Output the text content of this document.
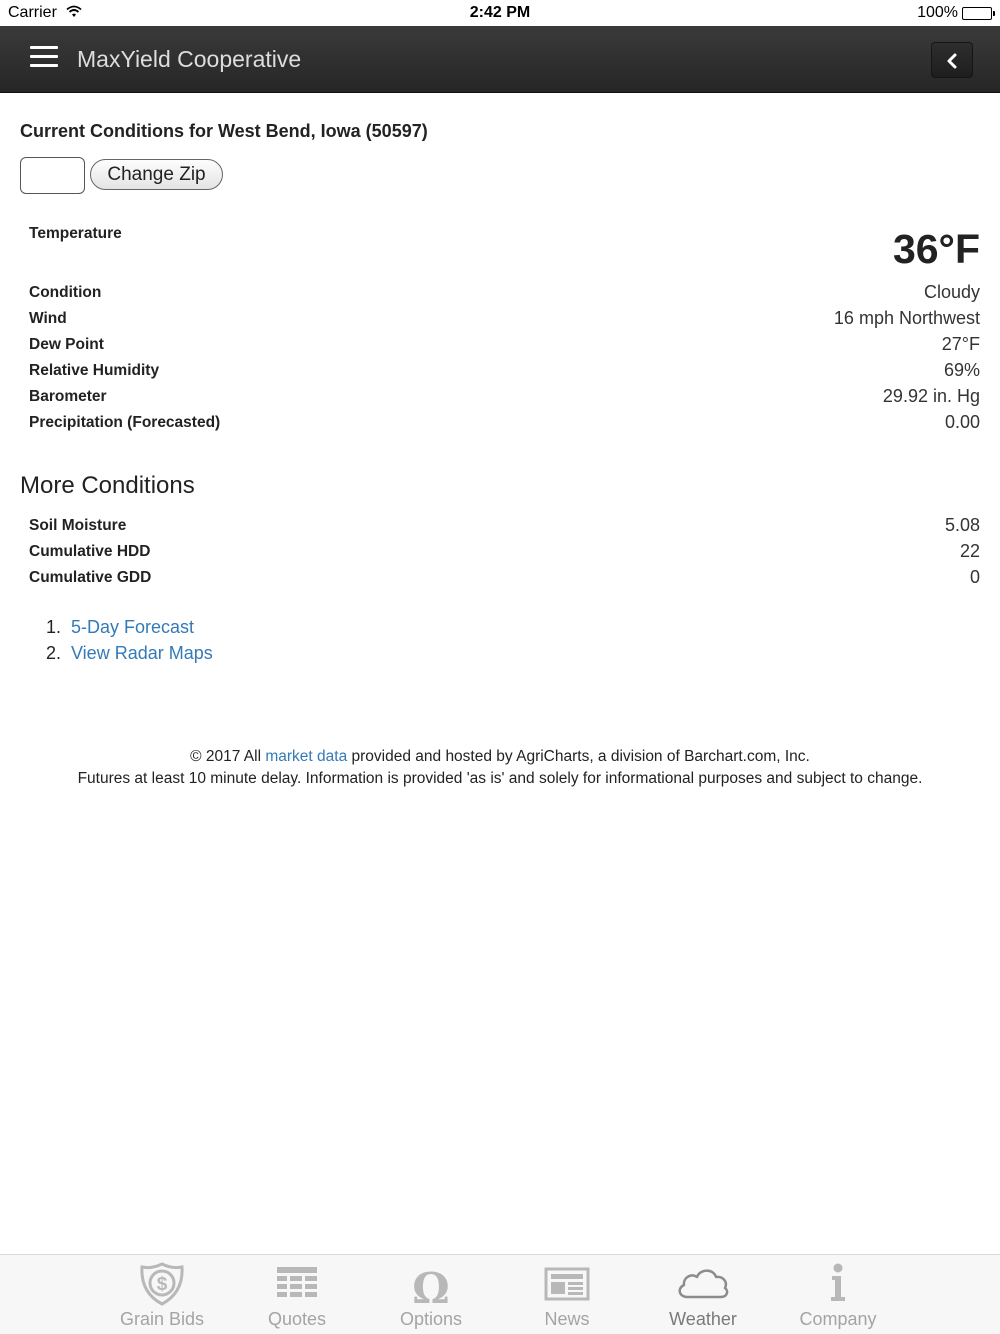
Carrier	2:42 PM	100%
MaxYield Cooperative
Current Conditions for West Bend, Iowa (50597)
Change Zip
Temperature	36°F
Condition	Cloudy
Wind	16 mph Northwest
Dew Point	27°F
Relative Humidity	69%
Barometer	29.92 in. Hg
Precipitation (Forecasted)	0.00
More Conditions
Soil Moisture	5.08
Cumulative HDD	22
Cumulative GDD	0
1. 5-Day Forecast
2. View Radar Maps
© 2017 All market data provided and hosted by AgriCharts, a division of Barchart.com, Inc.
Futures at least 10 minute delay. Information is provided 'as is' and solely for informational purposes and subject to change.
$
Grain Bids	Quotes
Ω
Options	News	Weather	Company
